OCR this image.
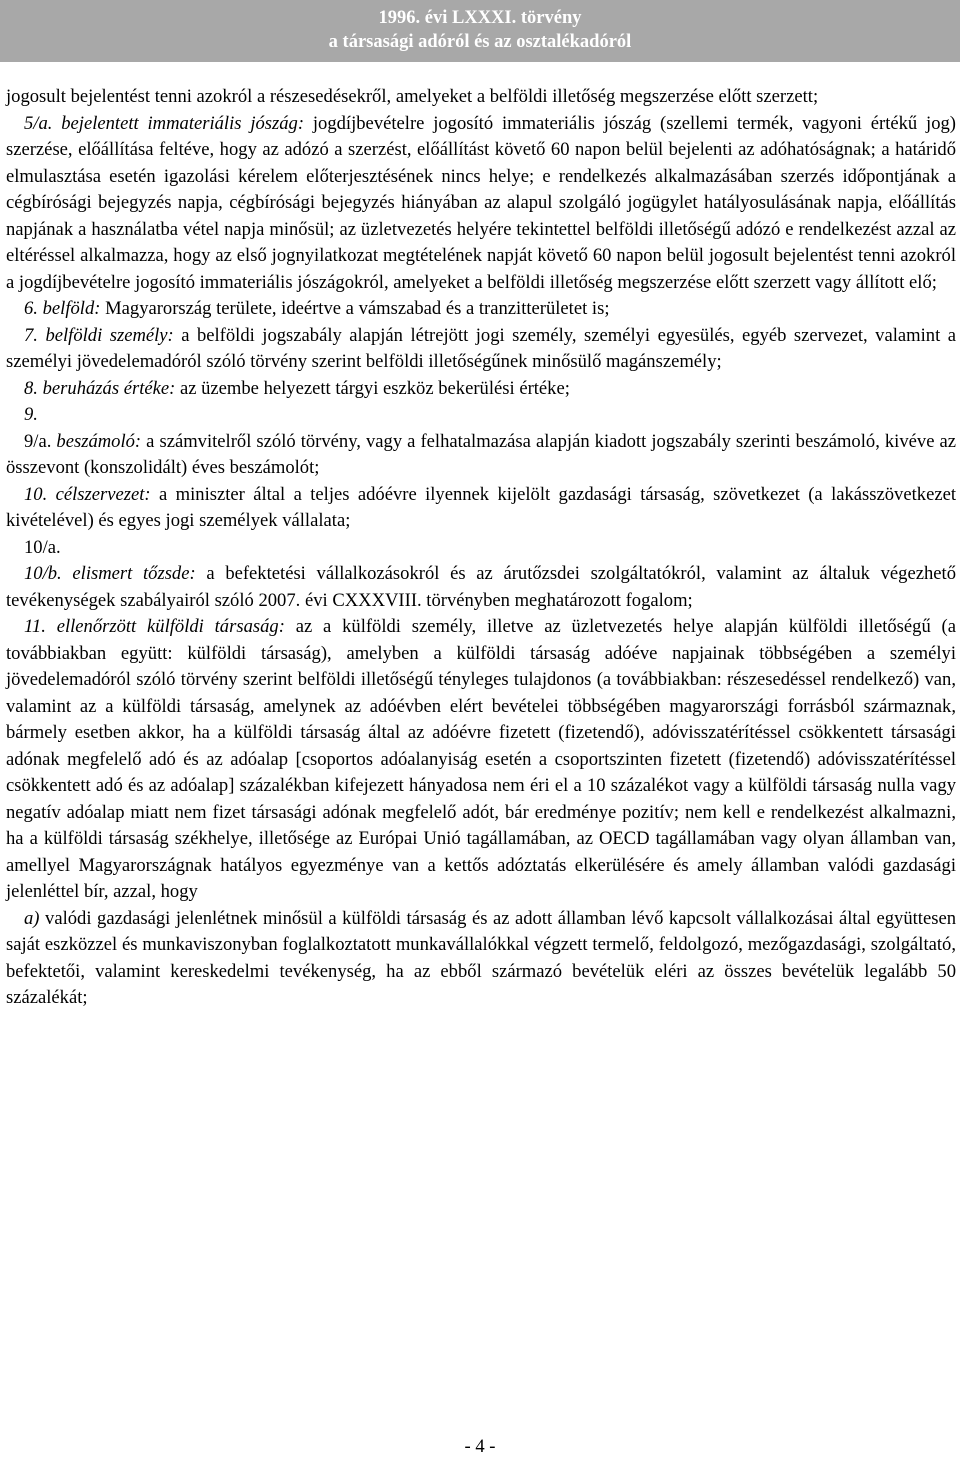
1996. évi LXXXI. törvény
a társasági adóról és az osztalékadóról

jogosult bejelentést tenni azokról a részesedésekről, amelyeket a belföldi illetőség megszerzése előtt szerzett;

5/a. bejelentett immateriális jószág: jogdíjbevételre jogosító immateriális jószág (szellemi termék, vagyoni értékű jog) szerzése, előállítása feltéve, hogy az adózó a szerzést, előállítást követő 60 napon belül bejelenti az adóhatóságnak; a határidő elmulasztása esetén igazolási kérelem előterjesztésének nincs helye; e rendelkezés alkalmazásában szerzés időpontjának a cégbírósági bejegyzés napja, cégbírósági bejegyzés hiányában az alapul szolgáló jogügylet hatályosulásának napja, előállítás napjának a használatba vétel napja minősül; az üzletvezetés helyére tekintettel belföldi illetőségű adózó e rendelkezést azzal az eltéréssel alkalmazza, hogy az első jognyilatkozat megtételének napját követő 60 napon belül jogosult bejelentést tenni azokról a jogdíjbevételre jogosító immateriális jószágokról, amelyeket a belföldi illetőség megszerzése előtt szerzett vagy állított elő;

6. belföld: Magyarország területe, ideértve a vámszabad és a tranzitterületet is;

7. belföldi személy: a belföldi jogszabály alapján létrejött jogi személy, személyi egyesülés, egyéb szervezet, valamint a személyi jövedelemadóról szóló törvény szerint belföldi illetőségűnek minősülő magánszemély;

8. beruházás értéke: az üzembe helyezett tárgyi eszköz bekerülési értéke;

9.

9/a. beszámoló: a számvitelről szóló törvény, vagy a felhatalmazása alapján kiadott jogszabály szerinti beszámoló, kivéve az összevont (konszolidált) éves beszámolót;

10. célszervezet: a miniszter által a teljes adóévre ilyennek kijelölt gazdasági társaság, szövetkezet (a lakásszövetkezet kivételével) és egyes jogi személyek vállalata;

10/a.

10/b. elismert tőzsde: a befektetési vállalkozásokról és az árutőzsdei szolgáltatókról, valamint az általuk végezhető tevékenységek szabályairól szóló 2007. évi CXXXVIII. törvényben meghatározott fogalom;

11. ellenőrzött külföldi társaság: az a külföldi személy, illetve az üzletvezetés helye alapján külföldi illetőségű (a továbbiakban együtt: külföldi társaság), amelyben a külföldi társaság adóéve napjainak többségében a személyi jövedelemadóról szóló törvény szerint belföldi illetőségű tényleges tulajdonos (a továbbiakban: részesedéssel rendelkező) van, valamint az a külföldi társaság, amelynek az adóévben elért bevételei többségében magyarországi forrásból származnak, bármely esetben akkor, ha a külföldi társaság által az adóévre fizetett (fizetendő), adóvisszatérítéssel csökkentett társasági adónak megfelelő adó és az adóalap [csoportos adóalanyiság esetén a csoportszinten fizetett (fizetendő) adóvisszatérítéssel csökkentett adó és az adóalap] százalékban kifejezett hányadosa nem éri el a 10 százalékot vagy a külföldi társaság nulla vagy negatív adóalap miatt nem fizet társasági adónak megfelelő adót, bár eredménye pozitív; nem kell e rendelkezést alkalmazni, ha a külföldi társaság székhelye, illetősége az Európai Unió tagállamában, az OECD tagállamában vagy olyan államban van, amellyel Magyarországnak hatályos egyezménye van a kettős adóztatás elkerülésére és amely államban valódi gazdasági jelenléttel bír, azzal, hogy

a) valódi gazdasági jelenlétnek minősül a külföldi társaság és az adott államban lévő kapcsolt vállalkozásai által együttesen saját eszközzel és munkaviszonyban foglalkoztatott munkavállalókkal végzett termelő, feldolgozó, mezőgazdasági, szolgáltató, befektetői, valamint kereskedelmi tevékenység, ha az ebből származó bevételük eléri az összes bevételük legalább 50 százalékát;

- 4 -
